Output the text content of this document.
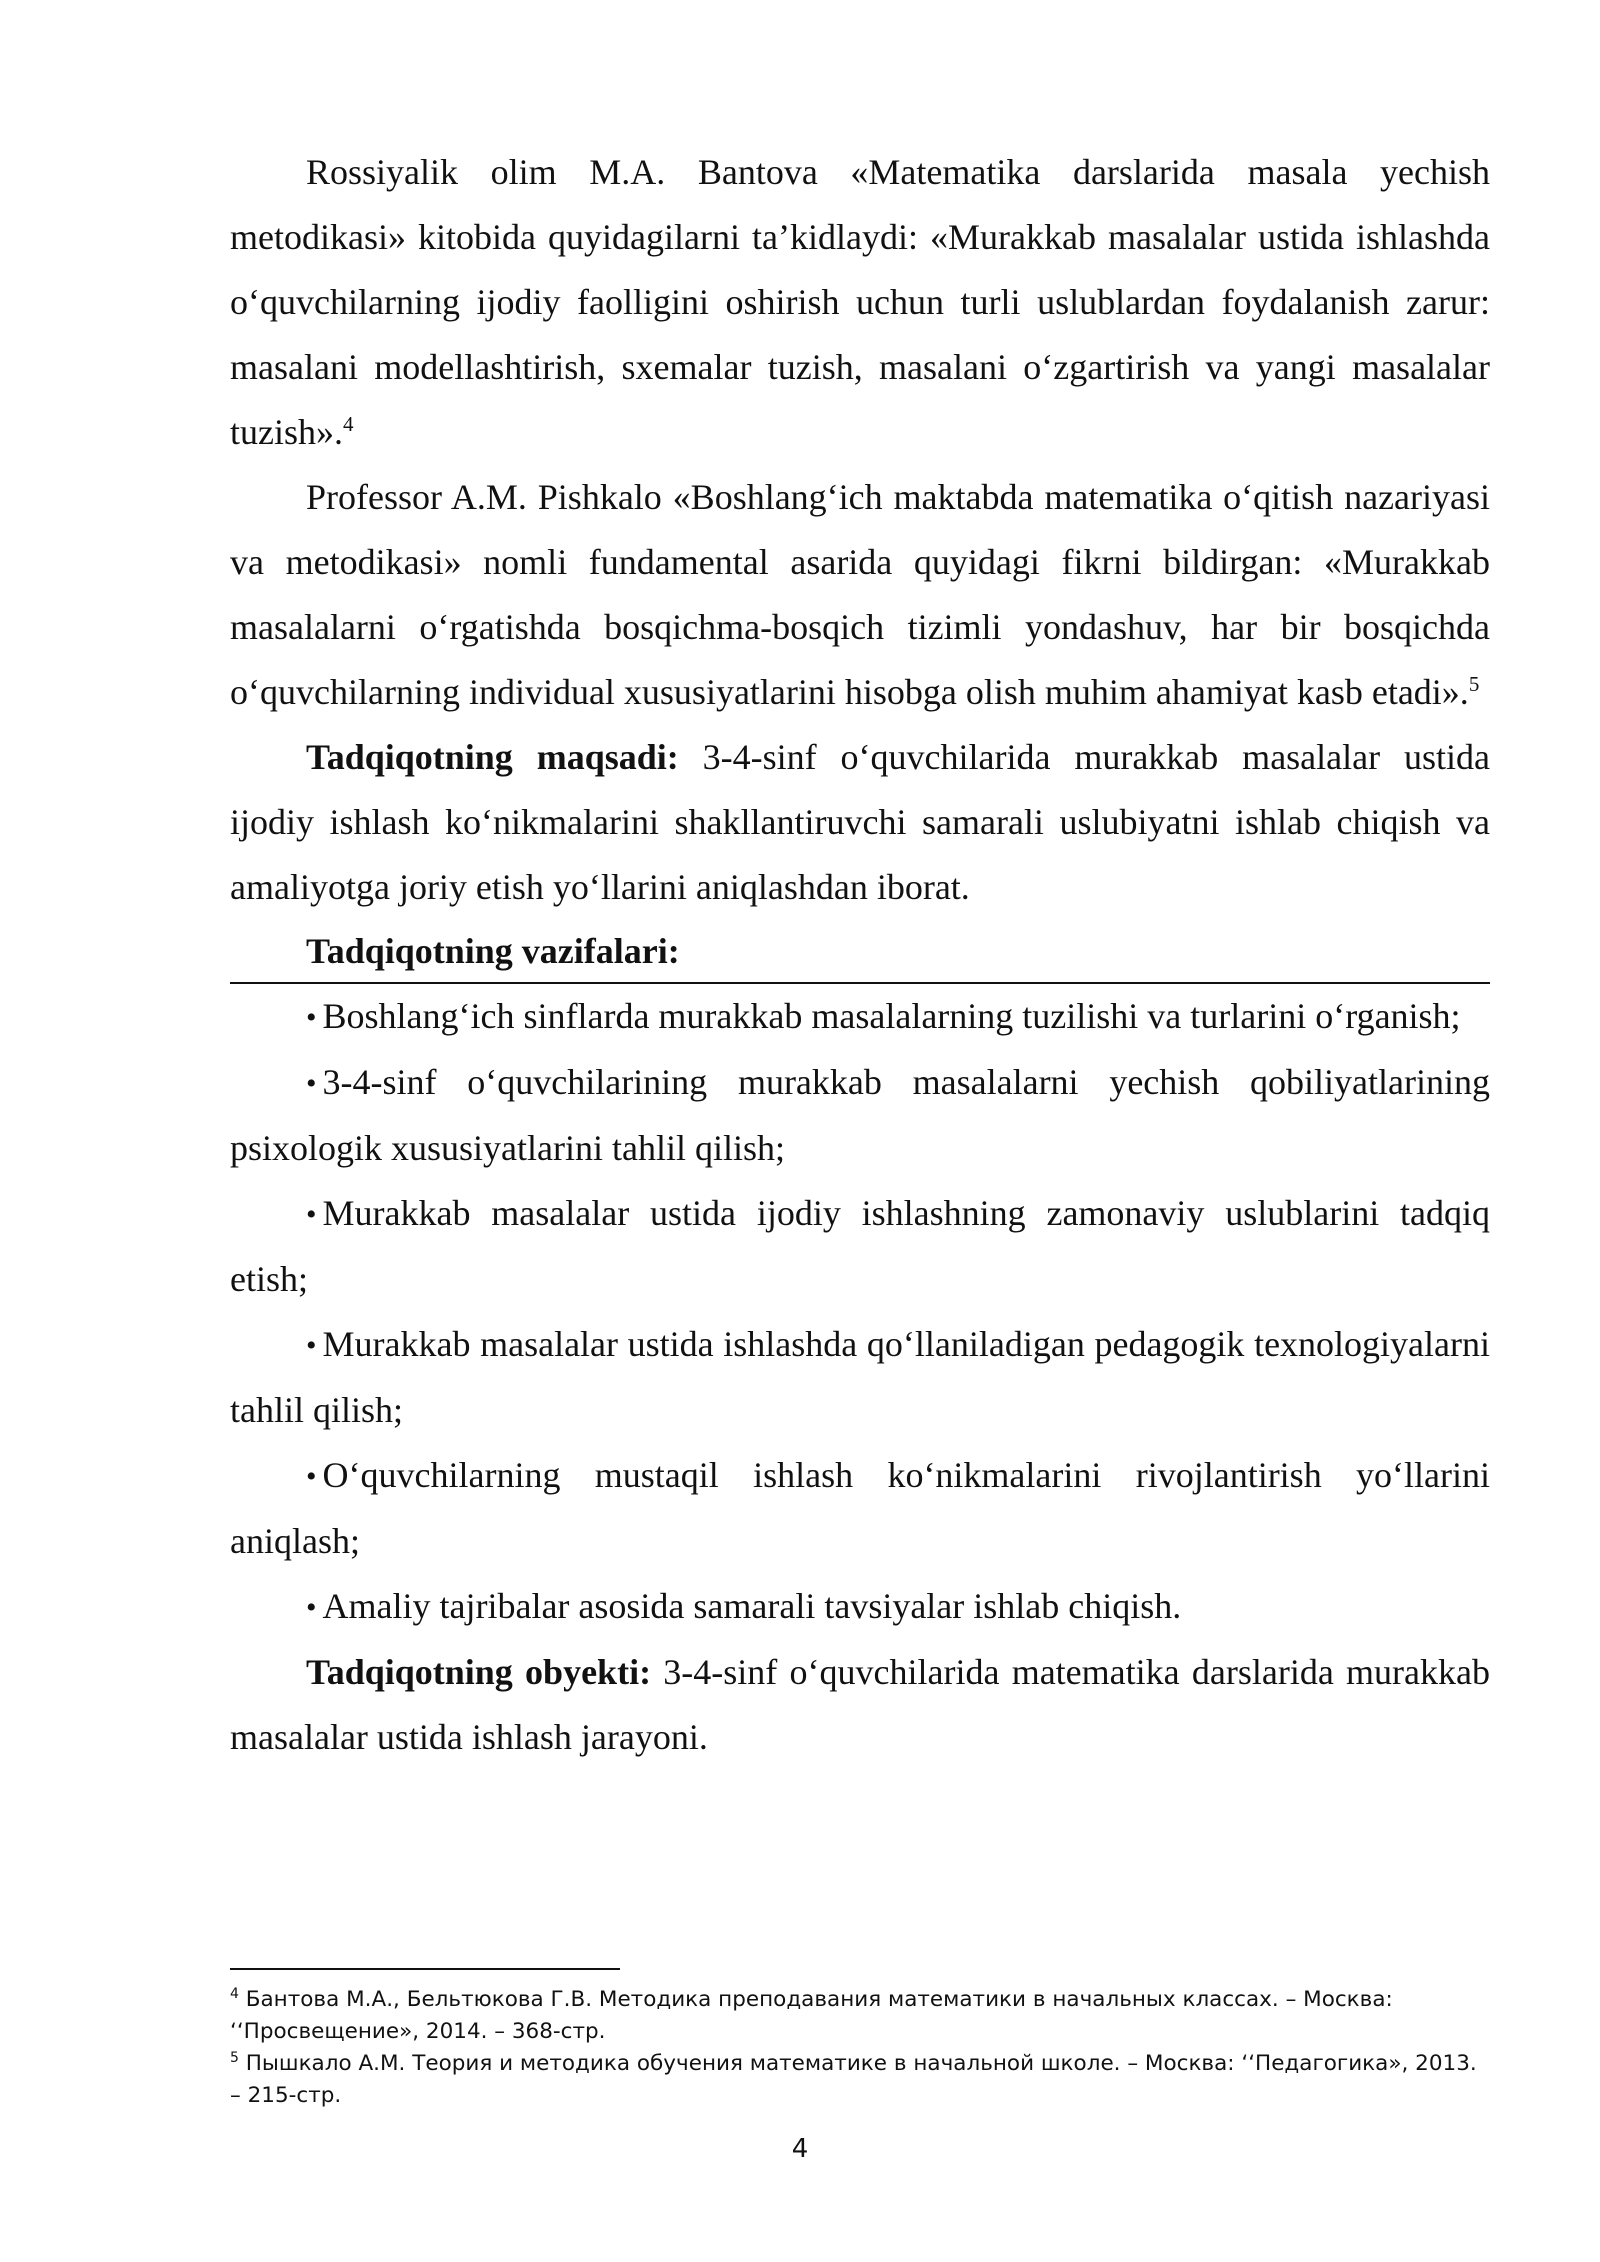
Rossiyalik olim M.A. Bantova «Matematika darslarida masala yechish metodikasi» kitobida quyidagilarni ta’kidlaydi: «Murakkab masalalar ustida ishlashda o‘quvchilarning ijodiy faolligini oshirish uchun turli uslublardan foydalanish zarur: masalani modellashtirish, sxemalar tuzish, masalani o‘zgartirish va yangi masalalar tuzish».$^4$

Professor A.M. Pishkalo «Boshlang‘ich maktabda matematika o‘qitish nazariyasi va metodikasi» nomli fundamental asarida quyidagi fikrni bildirgan: «Murakkab masalalarni o‘rgatishda bosqichma-bosqich tizimli yondashuv, har bir bosqichda o‘quvchilarning individual xususiyatlarini hisobga olish muhim ahamiyat kasb etadi».$^5$

Tadqiqotning maqsadi: 3-4-sinf o‘quvchilarida murakkab masalalar ustida ijodiy ishlash ko‘nikmalarini shakllantiruvchi samarali uslubiyatni ishlab chiqish va amaliyotga joriy etish yo‘llarini aniqlashdan iborat.

Tadqiqotning vazifalari:

• Boshlang‘ich sinflarda murakkab masalalarning tuzilishi va turlarini o‘rganish;

• 3-4-sinf o‘quvchilarining murakkab masalalarni yechish qobiliyatlarining psixologik xususiyatlarini tahlil qilish;

• Murakkab masalalar ustida ijodiy ishlashning zamonaviy uslublarini tadqiq etish;

• Murakkab masalalar ustida ishlashda qo‘llaniladigan pedagogik texnologiyalarni tahlil qilish;

• O‘quvchilarning mustaqil ishlash ko‘nikmalarini rivojlantirish yo‘llarini aniqlash;

• Amaliy tajribalar asosida samarali tavsiyalar ishlab chiqish.

Tadqiqotning obyekti: 3-4-sinf o‘quvchilarida matematika darslarida murakkab masalalar ustida ishlash jarayoni.

$^4$ Бантова М.А., Бельтюкова Г.В. Методика преподавания математики в начальных классах. – Москва: ‘‘Просвещение», 2014. – 368-стр.

$^5$ Пышкало А.М. Теория и методика обучения математике в начальной школе. – Москва: ‘‘Педагогика», 2013. – 215-стр.

4
